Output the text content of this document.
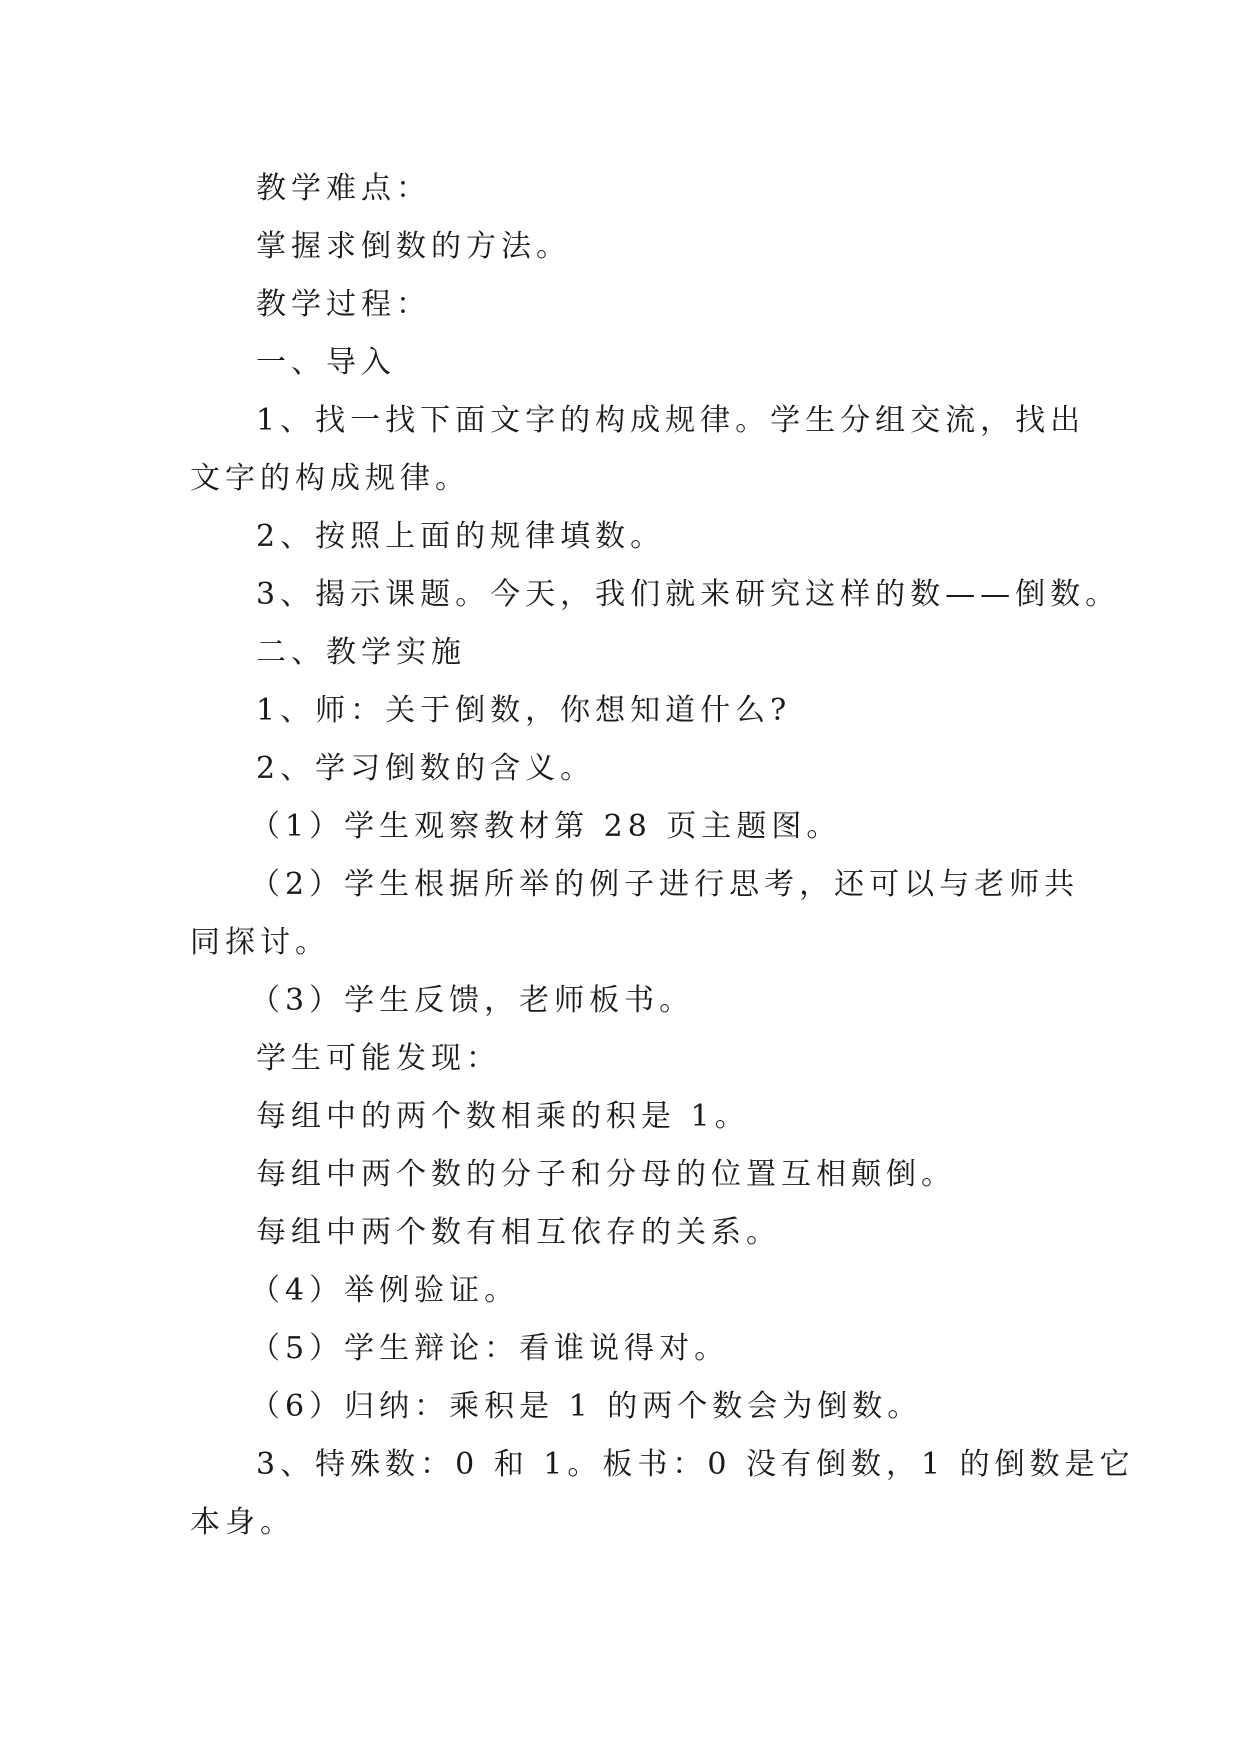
教学难点：

掌握求倒数的方法。

教学过程：

一、导入

1、找一找下面文字的构成规律。学生分组交流，找出

文字的构成规律。

2、按照上面的规律填数。

3、揭示课题。今天，我们就来研究这样的数——倒数。

二、教学实施

1、师：关于倒数，你想知道什么?

2、学习倒数的含义。

（1）学生观察教材第 28 页主题图。

（2）学生根据所举的例子进行思考，还可以与老师共

同探讨。

（3）学生反馈，老师板书。

学生可能发现：

每组中的两个数相乘的积是 1。

每组中两个数的分子和分母的位置互相颠倒。

每组中两个数有相互依存的关系。

（4）举例验证。

（5）学生辩论：看谁说得对。

（6）归纳：乘积是 1 的两个数会为倒数。

3、特殊数：0 和 1。板书：0 没有倒数，1 的倒数是它

本身。
